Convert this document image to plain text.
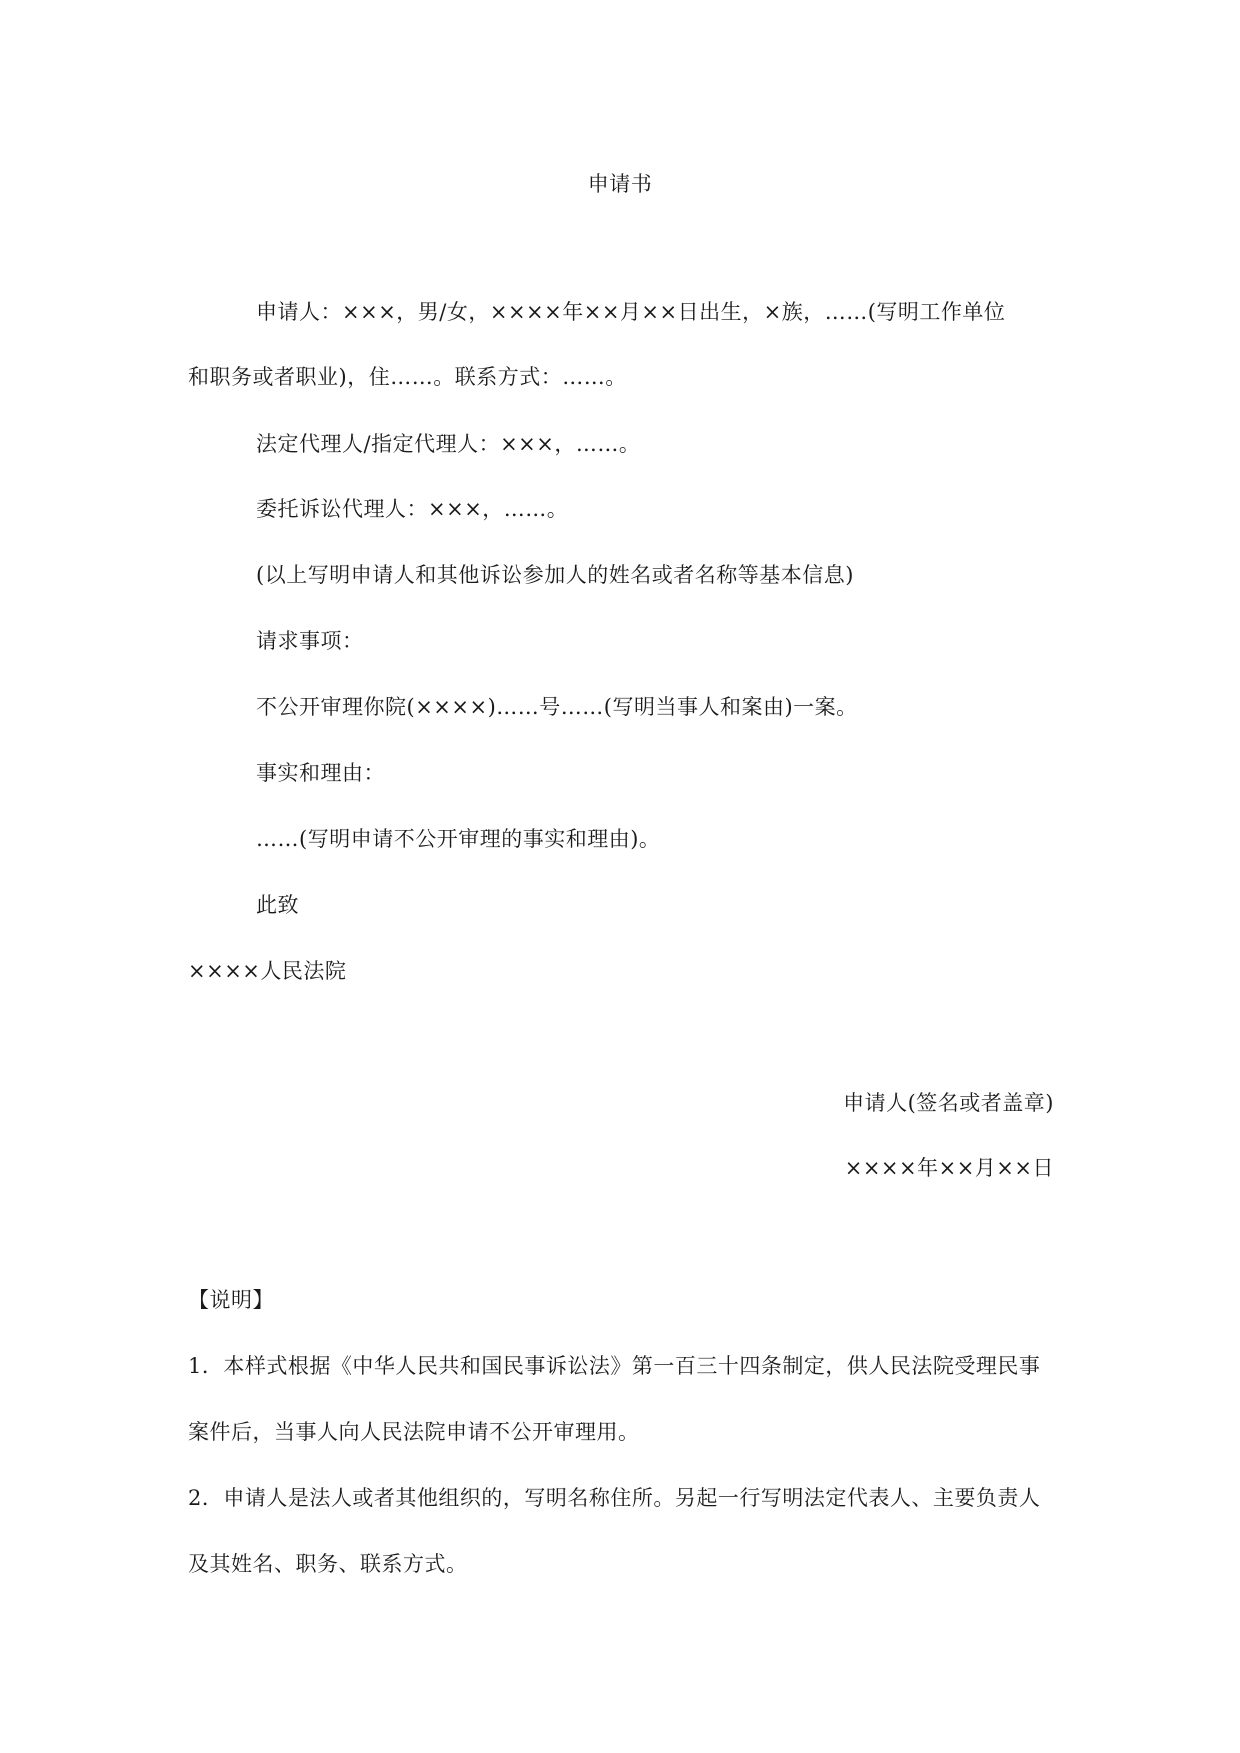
申请书
申请人：×××，男/女，××××年××月××日出生，×族，……(写明工作单位
和职务或者职业)，住……。联系方式：……。
法定代理人/指定代理人：×××，……。
委托诉讼代理人：×××，……。
(以上写明申请人和其他诉讼参加人的姓名或者名称等基本信息)
请求事项：
不公开审理你院(××××)……号……(写明当事人和案由)一案。
事实和理由：
……(写明申请不公开审理的事实和理由)。
此致
××××人民法院
申请人(签名或者盖章)
××××年××月××日
【说明】
1．本样式根据《中华人民共和国民事诉讼法》第一百三十四条制定，供人民法院受理民事
案件后，当事人向人民法院申请不公开审理用。
2．申请人是法人或者其他组织的，写明名称住所。另起一行写明法定代表人、主要负责人
及其姓名、职务、联系方式。
